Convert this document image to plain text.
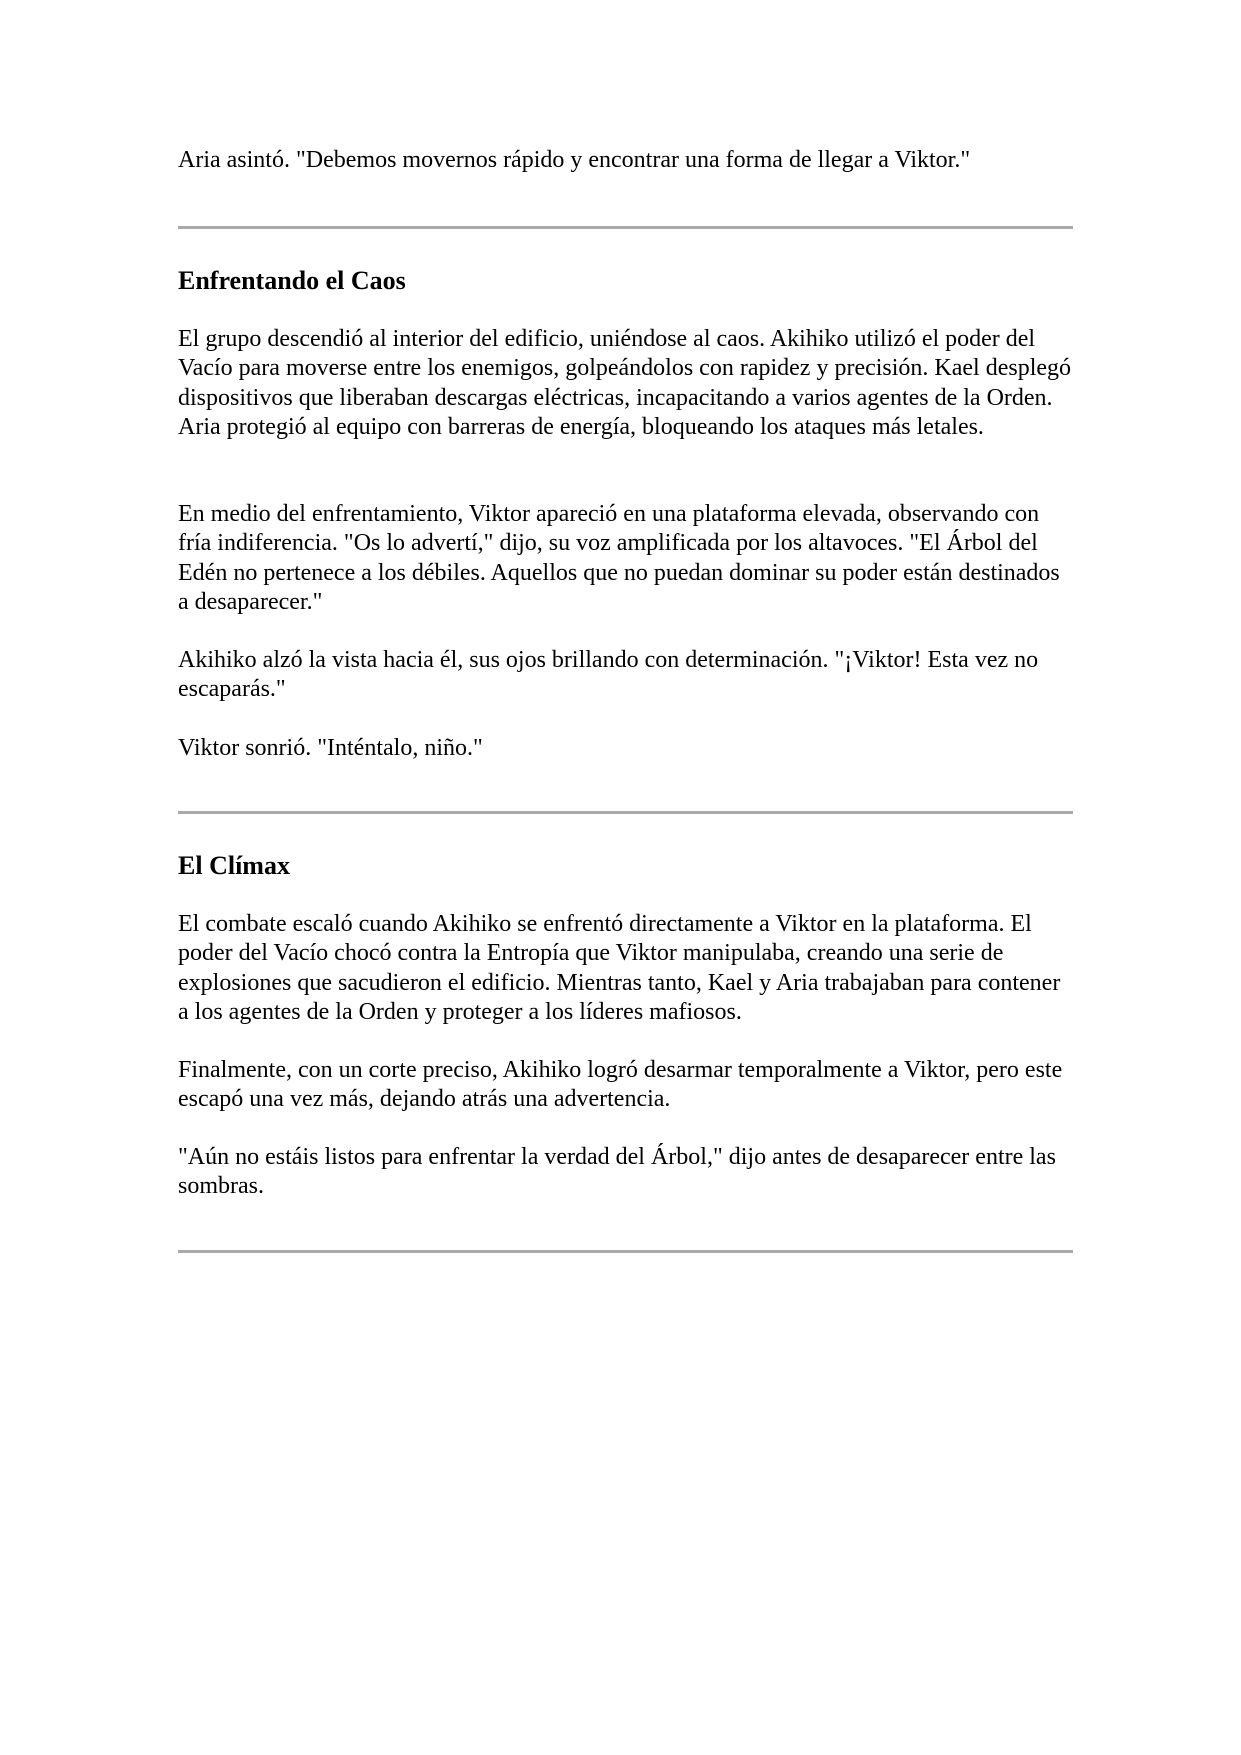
Aria asintó. "Debemos movernos rápido y encontrar una forma de llegar a Viktor."

Enfrentando el Caos

El grupo descendió al interior del edificio, uniéndose al caos. Akihiko utilizó el poder del Vacío para moverse entre los enemigos, golpeándolos con rapidez y precisión. Kael desplegó dispositivos que liberaban descargas eléctricas, incapacitando a varios agentes de la Orden. Aria protegió al equipo con barreras de energía, bloqueando los ataques más letales.

En medio del enfrentamiento, Viktor apareció en una plataforma elevada, observando con fría indiferencia. "Os lo advertí," dijo, su voz amplificada por los altavoces. "El Árbol del Edén no pertenece a los débiles. Aquellos que no puedan dominar su poder están destinados a desaparecer."

Akihiko alzó la vista hacia él, sus ojos brillando con determinación. "¡Viktor! Esta vez no escaparás."

Viktor sonrió. "Inténtalo, niño."

El Clímax

El combate escaló cuando Akihiko se enfrentó directamente a Viktor en la plataforma. El poder del Vacío chocó contra la Entropía que Viktor manipulaba, creando una serie de explosiones que sacudieron el edificio. Mientras tanto, Kael y Aria trabajaban para contener a los agentes de la Orden y proteger a los líderes mafiosos.

Finalmente, con un corte preciso, Akihiko logró desarmar temporalmente a Viktor, pero este escapó una vez más, dejando atrás una advertencia.

"Aún no estáis listos para enfrentar la verdad del Árbol," dijo antes de desaparecer entre las sombras.
